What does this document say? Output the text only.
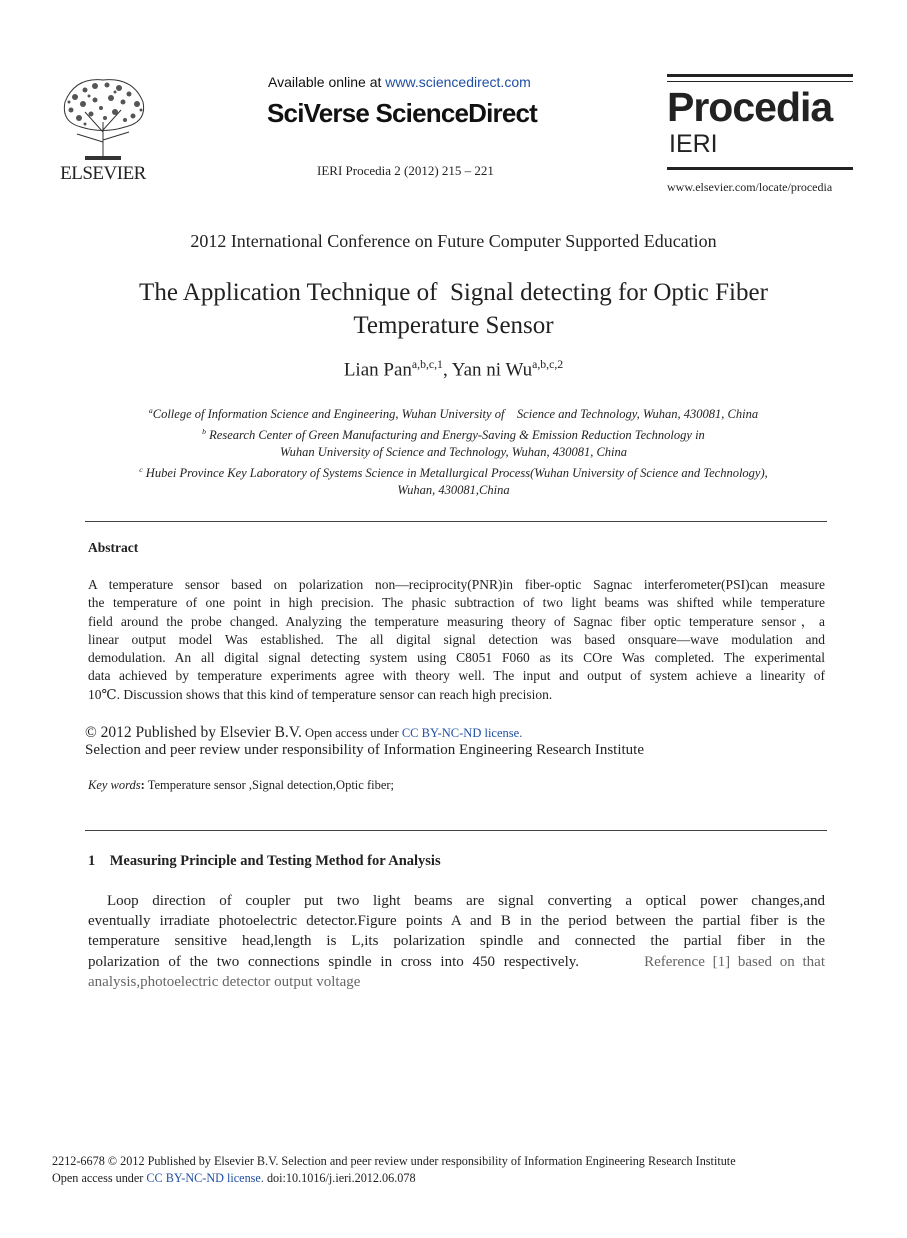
ELSEVIER
Available online at www.sciencedirect.com
SciVerse ScienceDirect
IERI Procedia 2 (2012) 215 – 221
Procedia
IERI
www.elsevier.com/locate/procedia
2012 International Conference on Future Computer Supported Education
The Application Technique of  Signal detecting for Optic Fiber
Temperature Sensor
Lian Pan$^{a,b,c,1}$, Yan ni Wu$^{a,b,c,2}$
$^a$College of Information Science and Engineering, Wuhan University of    Science and Technology, Wuhan, 430081, China
$^b$ Research Center of Green Manufacturing and Energy-Saving & Emission Reduction Technology in
Wuhan University of Science and Technology, Wuhan, 430081, China
$^c$ Hubei Province Key Laboratory of Systems Science in Metallurgical Process(Wuhan University of Science and Technology),
Wuhan, 430081,China
Abstract
A temperature sensor based on polarization non—reciprocity(PNR)in fiber-optic Sagnac interferometer(PSI)can measure
the temperature of one point in high precision. The phasic subtraction of two light beams was shifted while temperature
field around the probe changed. Analyzing the temperature measuring theory of Sagnac fiber optic temperature sensor，a
linear output model Was established. The all digital signal detection was based onsquare—wave modulation and
demodulation. An all digital signal detecting system using C8051 F060 as its COre Was completed. The experimental
data achieved by temperature experiments agree with theory well. The input and output of system achieve a linearity of
10℃. Discussion shows that this kind of temperature sensor can reach high precision.
© 2012 Published by Elsevier B.V. Open access under CC BY-NC-ND license.
Selection and peer review under responsibility of Information Engineering Research Institute
Key words: Temperature sensor ,Signal detection,Optic fiber;
1    Measuring Principle and Testing Method for Analysis
Loop direction of coupler put two light beams are signal converting a optical power changes,and
eventually irradiate photoelectric detector.Figure points A and B in the period between the partial fiber is the
temperature sensitive head,length is L,its polarization spindle and connected the partial fiber in the
polarization of the two connections spindle in cross into 450 respectively.	Reference [1] based on that
analysis,photoelectric detector output voltage
2212-6678 © 2012 Published by Elsevier B.V. Selection and peer review under responsibility of Information Engineering Research Institute
Open access under CC BY-NC-ND license. doi:10.1016/j.ieri.2012.06.078
